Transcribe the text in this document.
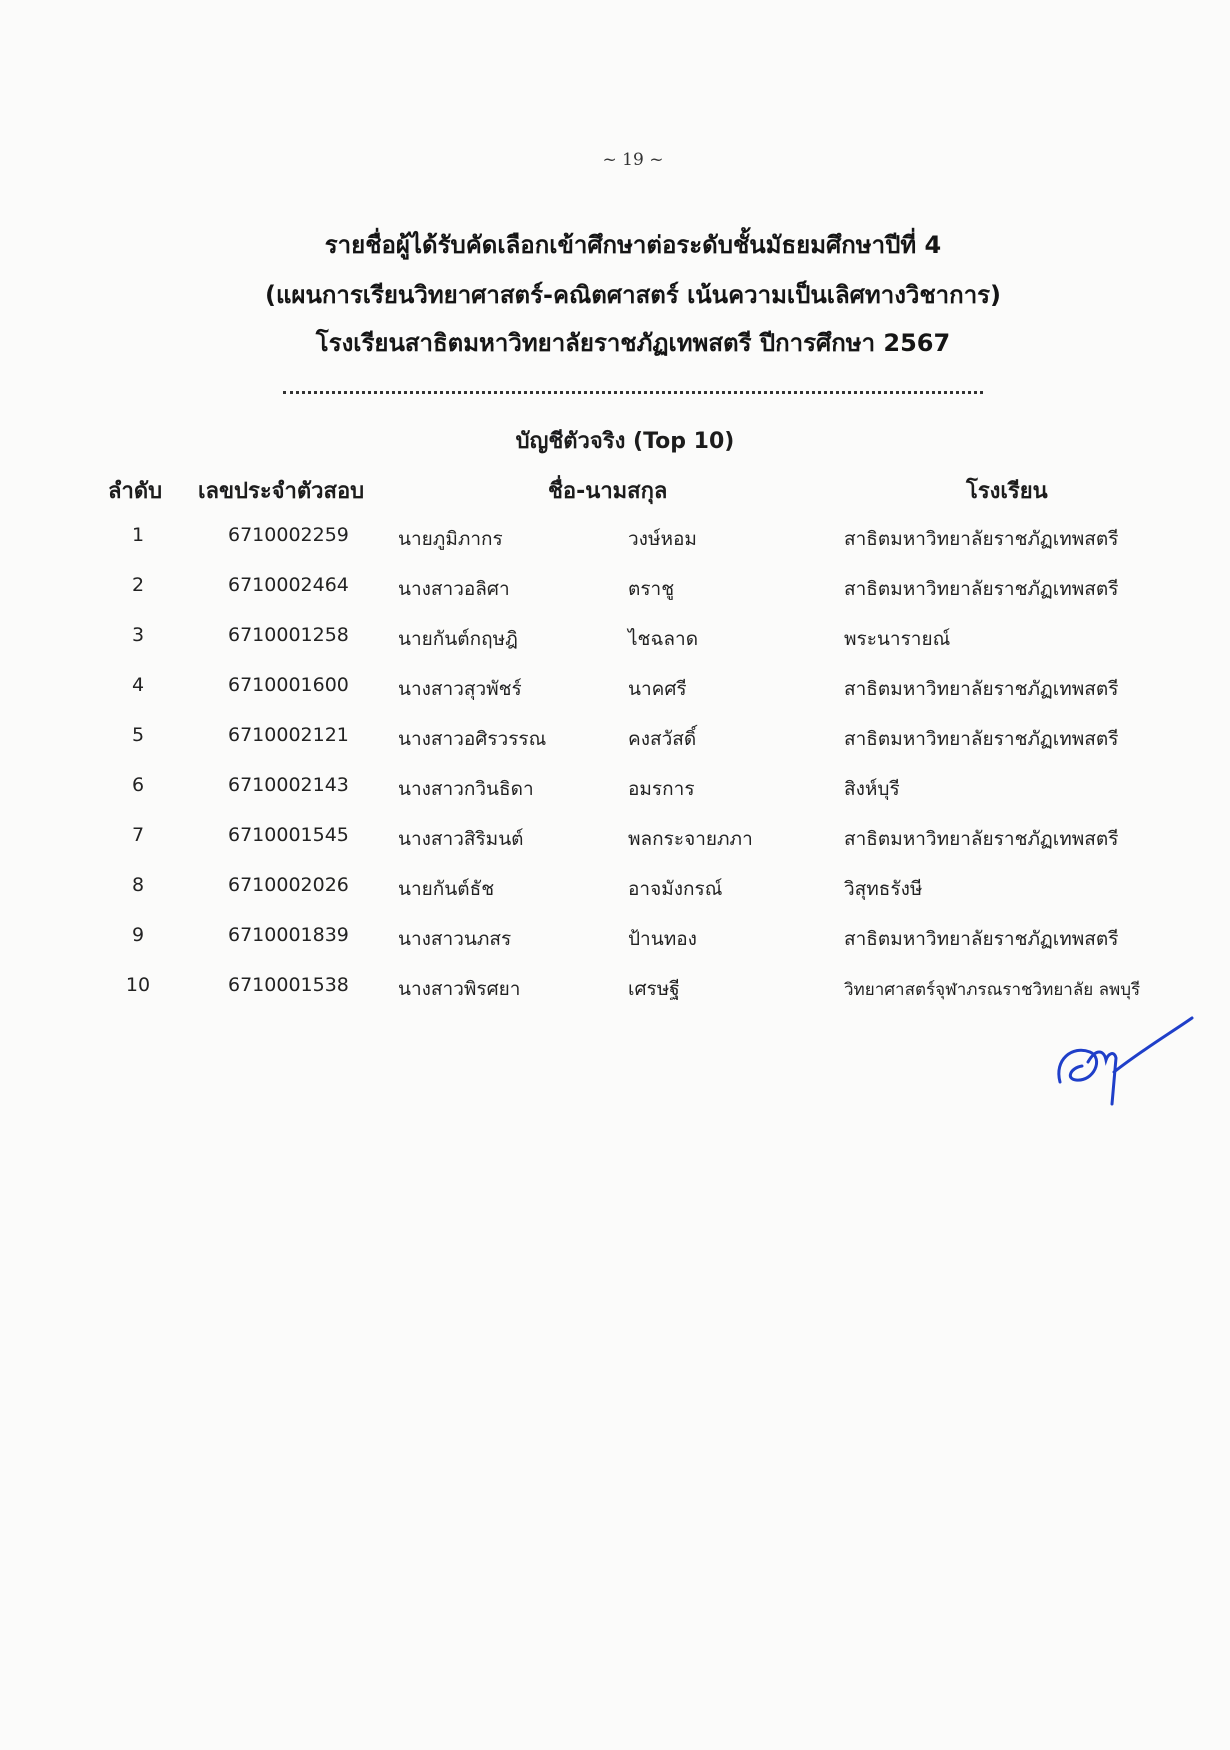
~ 19 ~
รายชื่อผู้ได้รับคัดเลือกเข้าศึกษาต่อระดับชั้นมัธยมศึกษาปีที่ 4
(แผนการเรียนวิทยาศาสตร์-คณิตศาสตร์ เน้นความเป็นเลิศทางวิชาการ)
โรงเรียนสาธิตมหาวิทยาลัยราชภัฏเทพสตรี ปีการศึกษา 2567
บัญชีตัวจริง (Top 10)
ลำดับ เลขประจำตัวสอบ	ชื่อ-นามสกุล	โรงเรียน
1	6710002259	นายภูมิภากร	วงษ์หอม	สาธิตมหาวิทยาลัยราชภัฏเทพสตรี
2	6710002464	นางสาวอลิศา	ตราชู	สาธิตมหาวิทยาลัยราชภัฏเทพสตรี
3	6710001258	นายกันต์กฤษฎิ	ไชฉลาด	พระนารายณ์
4	6710001600	นางสาวสุวพัชร์	นาคศรี	สาธิตมหาวิทยาลัยราชภัฏเทพสตรี
5	6710002121	นางสาวอศิรวรรณ	คงสวัสดิ์	สาธิตมหาวิทยาลัยราชภัฏเทพสตรี
6	6710002143	นางสาวกวินธิดา	อมรการ	สิงห์บุรี
7	6710001545	นางสาวสิริมนต์	พลกระจายภภา	สาธิตมหาวิทยาลัยราชภัฏเทพสตรี
8	6710002026	นายกันต์ธัช	อาจมังกรณ์	วิสุทธรังษี
9	6710001839	นางสาวนภสร	ป้านทอง	สาธิตมหาวิทยาลัยราชภัฏเทพสตรี
10	6710001538	นางสาวพิรศยา	เศรษฐี	วิทยาศาสตร์จุฬาภรณราชวิทยาลัย ลพบุรี
